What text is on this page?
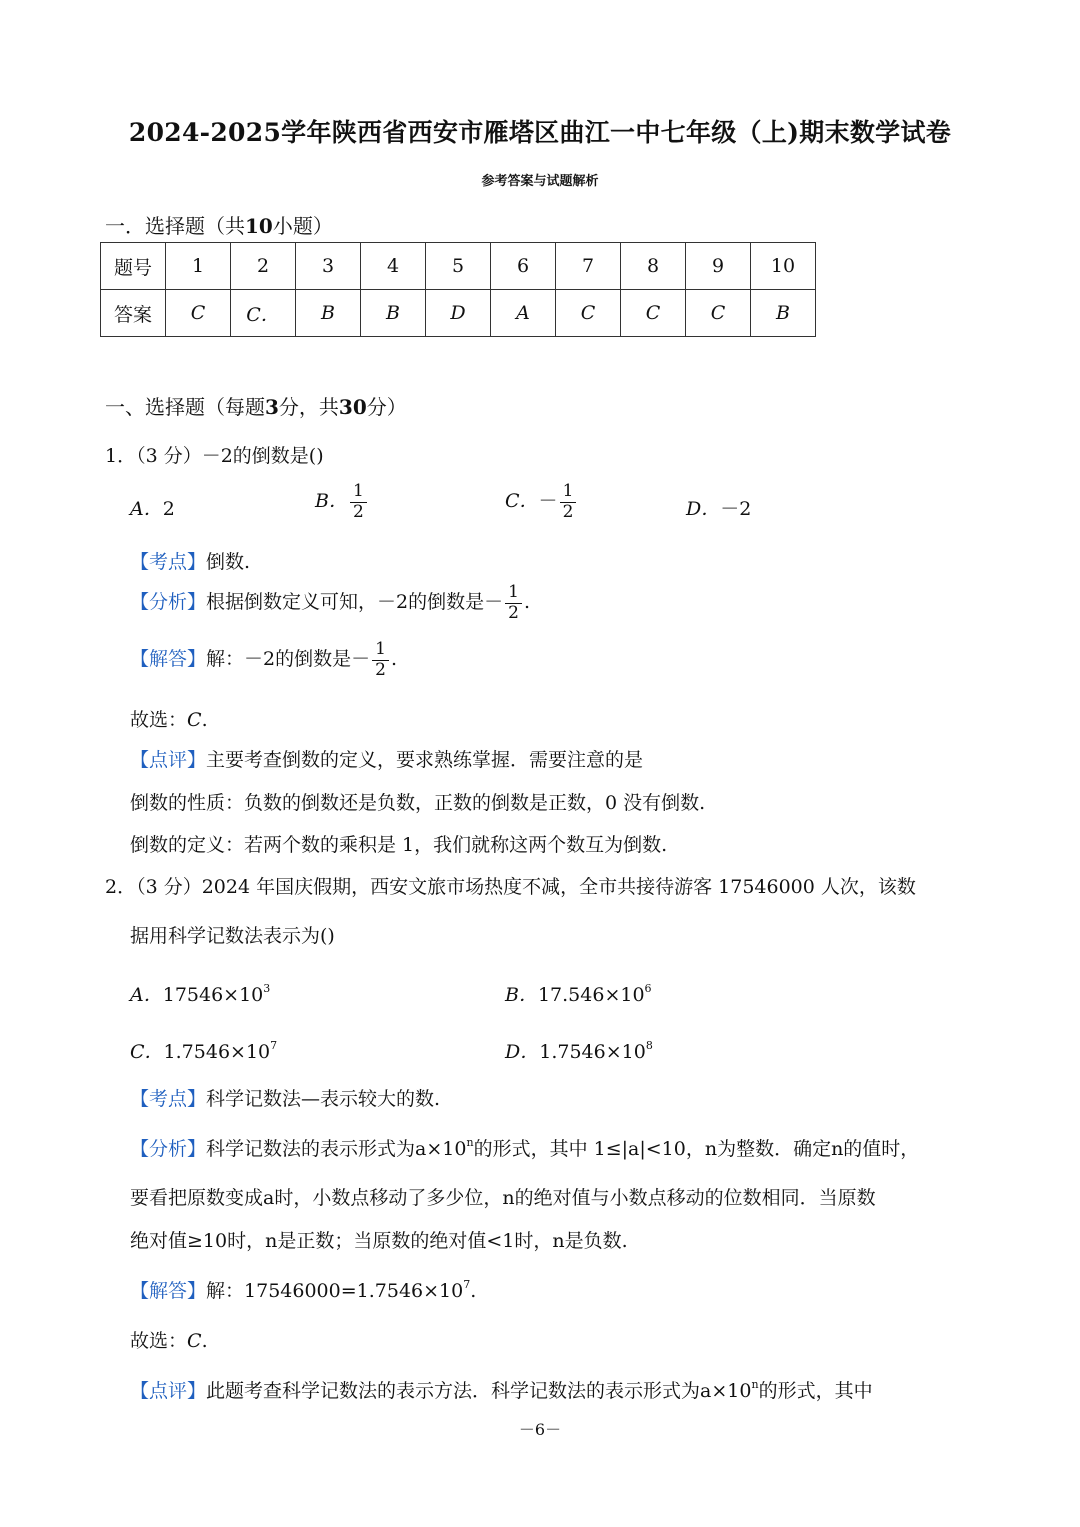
2024-2025学年陕西省西安市雁塔区曲江一中七年级（上)期末数学试卷
参考答案与试题解析
一．选择题（共10小题）
题号	1	2	3	4	5	6	7	8	9	10
答案	C	C．	B	B	D	A	C	C	C	B
一、选择题（每题3分，共30分）
1．（3 分）－2的倒数是()
A．2	B． $\frac{1}{2}$	C．－ $\frac{1}{2}$	D．－2
【考点】倒数.
【分析】根据倒数定义可知，－2的倒数是－ $\frac{1}{2}$ .
【解答】解：－2的倒数是－ $\frac{1}{2}$ .
故选：C.
【点评】主要考查倒数的定义，要求熟练掌握．需要注意的是
倒数的性质：负数的倒数还是负数，正数的倒数是正数，0 没有倒数.
倒数的定义：若两个数的乘积是 1，我们就称这两个数互为倒数.
2．（3 分）2024 年国庆假期，西安文旅市场热度不减，全市共接待游客 17546000 人次，该数
据用科学记数法表示为()
A．$17546\times 10^3$	B．$17.546\times 10^6$
C．$1.7546\times 10^7$	D．$1.7546\times 10^8$
【考点】科学记数法—表示较大的数.
【分析】科学记数法的表示形式为$a\times 10^n$的形式，其中 1≤|a|<10，n为整数．确定n的值时，
要看把原数变成a时，小数点移动了多少位，n的绝对值与小数点移动的位数相同．当原数
绝对值≥10时，n是正数；当原数的绝对值<1时，n是负数.
【解答】解：$17546000=1.7546\times 10^7$.
故选：C.
【点评】此题考查科学记数法的表示方法．科学记数法的表示形式为$a\times 10^n$的形式，其中
－6－
